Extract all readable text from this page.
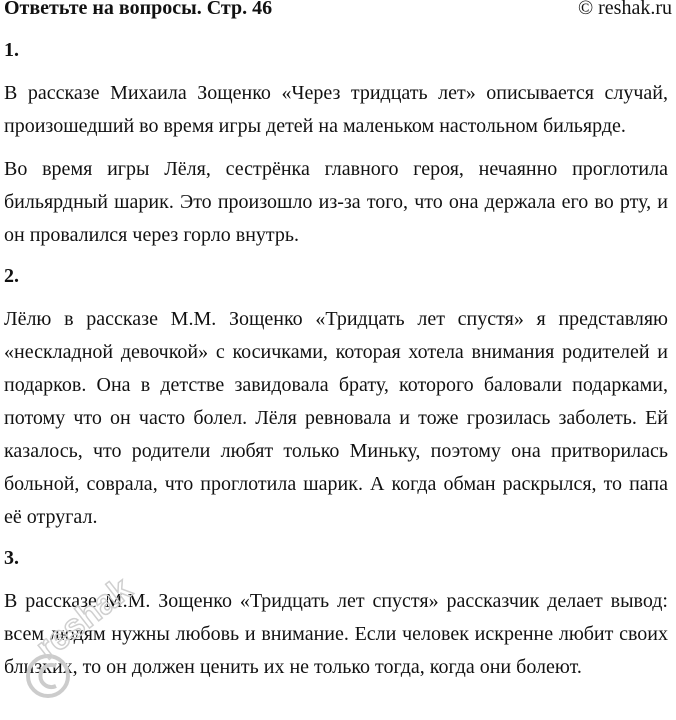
Ответьте на вопросы. Стр. 46	© reshak.ru

1.

В рассказе Михаила Зощенко «Через тридцать лет» описывается случай, произошедший во время игры детей на маленьком настольном бильярде.

Во время игры Лёля, сестрёнка главного героя, нечаянно проглотила бильярдный шарик. Это произошло из-за того, что она держала его во рту, и он провалился через горло внутрь.

2.

Лёлю в рассказе М.М. Зощенко «Тридцать лет спустя» я представляю «нескладной девочкой» с косичками, которая хотела внимания родителей и подарков. Она в детстве завидовала брату, которого баловали подарками, потому что он часто болел. Лёля ревновала и тоже грозилась заболеть. Ей казалось, что родители любят только Миньку, поэтому она притворилась больной, соврала, что проглотила шарик. А когда обман раскрылся, то папа её отругал.

3.

В рассказе М.М. Зощенко «Тридцать лет спустя» рассказчик делает вывод: всем людям нужны любовь и внимание. Если человек искренне любит своих близких, то он должен ценить их не только тогда, когда они болеют.

reshak
